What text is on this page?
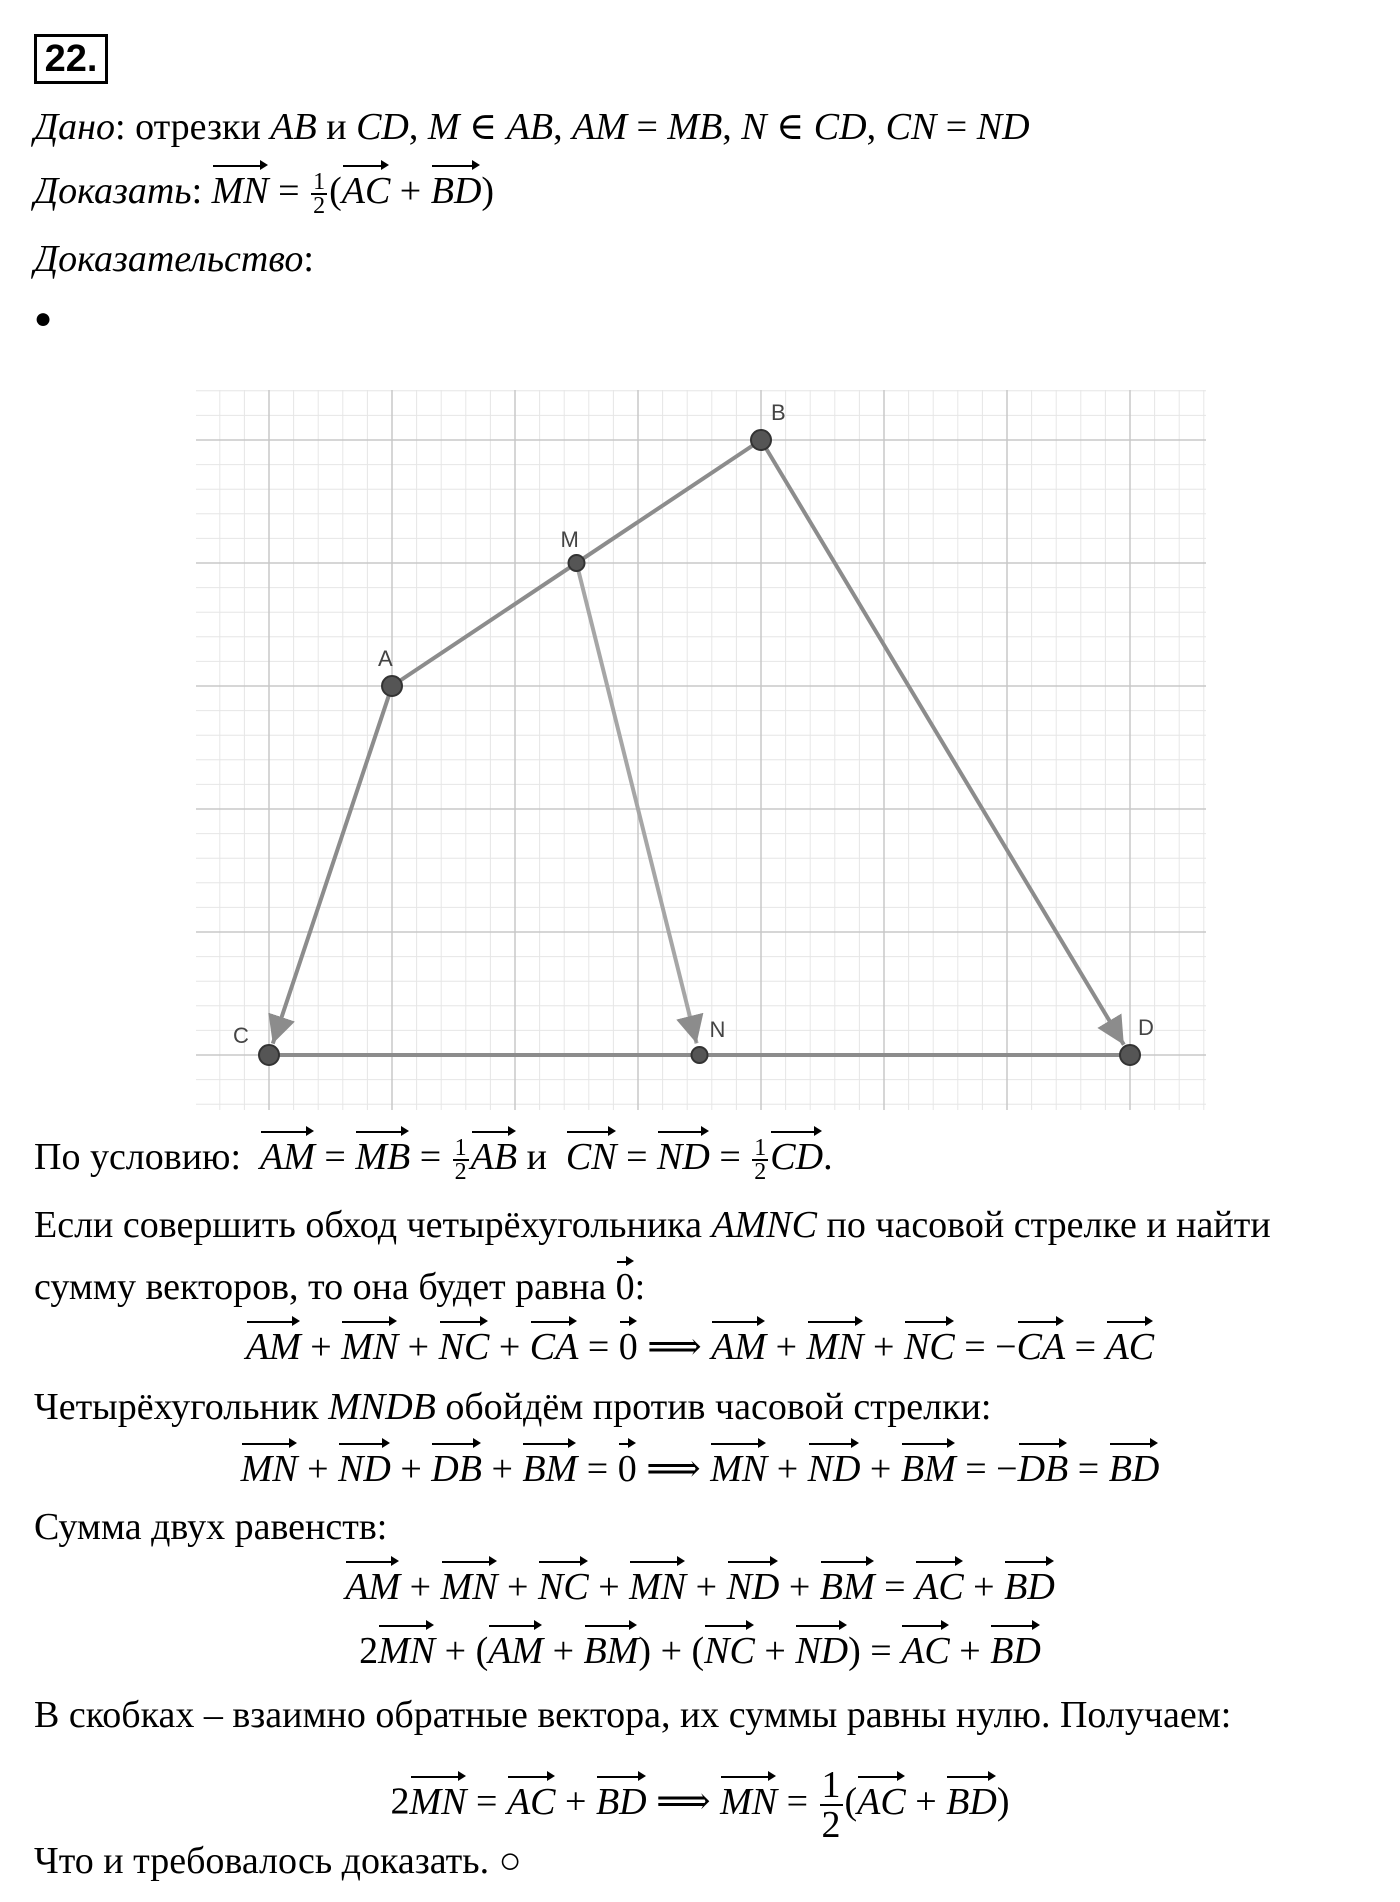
22.
Дано: отрезки AB и CD, M ∈ AB, AM = MB, N ∈ CD, CN = ND
Доказать: MN = $\frac{1}{2} (AC + BD)$
Доказательство:
●
A
B
M
C	N	D
По условию:  AM = MB = $\frac{1}{2}$ AB и  CN = ND = $\frac{1}{2}$ CD.
Если совершить обход четырёхугольника AMNC по часовой стрелке и найти
сумму векторов, то она будет равна 0:
AM + MN + NC + CA = 0 ⟹ AM + MN + NC = −CA = AC
Четырёхугольник MNDB обойдём против часовой стрелки:
MN + ND + DB + BM = 0 ⟹ MN + ND + BM = −DB = BD
Сумма двух равенств:
AM + MN + NC + MN + ND + BM = AC + BD
2MN + (AM + BM) + (NC + ND) = AC + BD
В скобках – взаимно обратные вектора, их суммы равны нулю. Получаем:
2MN = AC + BD ⟹ MN = $\frac{1}{2} (AC + BD)$
Что и требовалось доказать. ○
